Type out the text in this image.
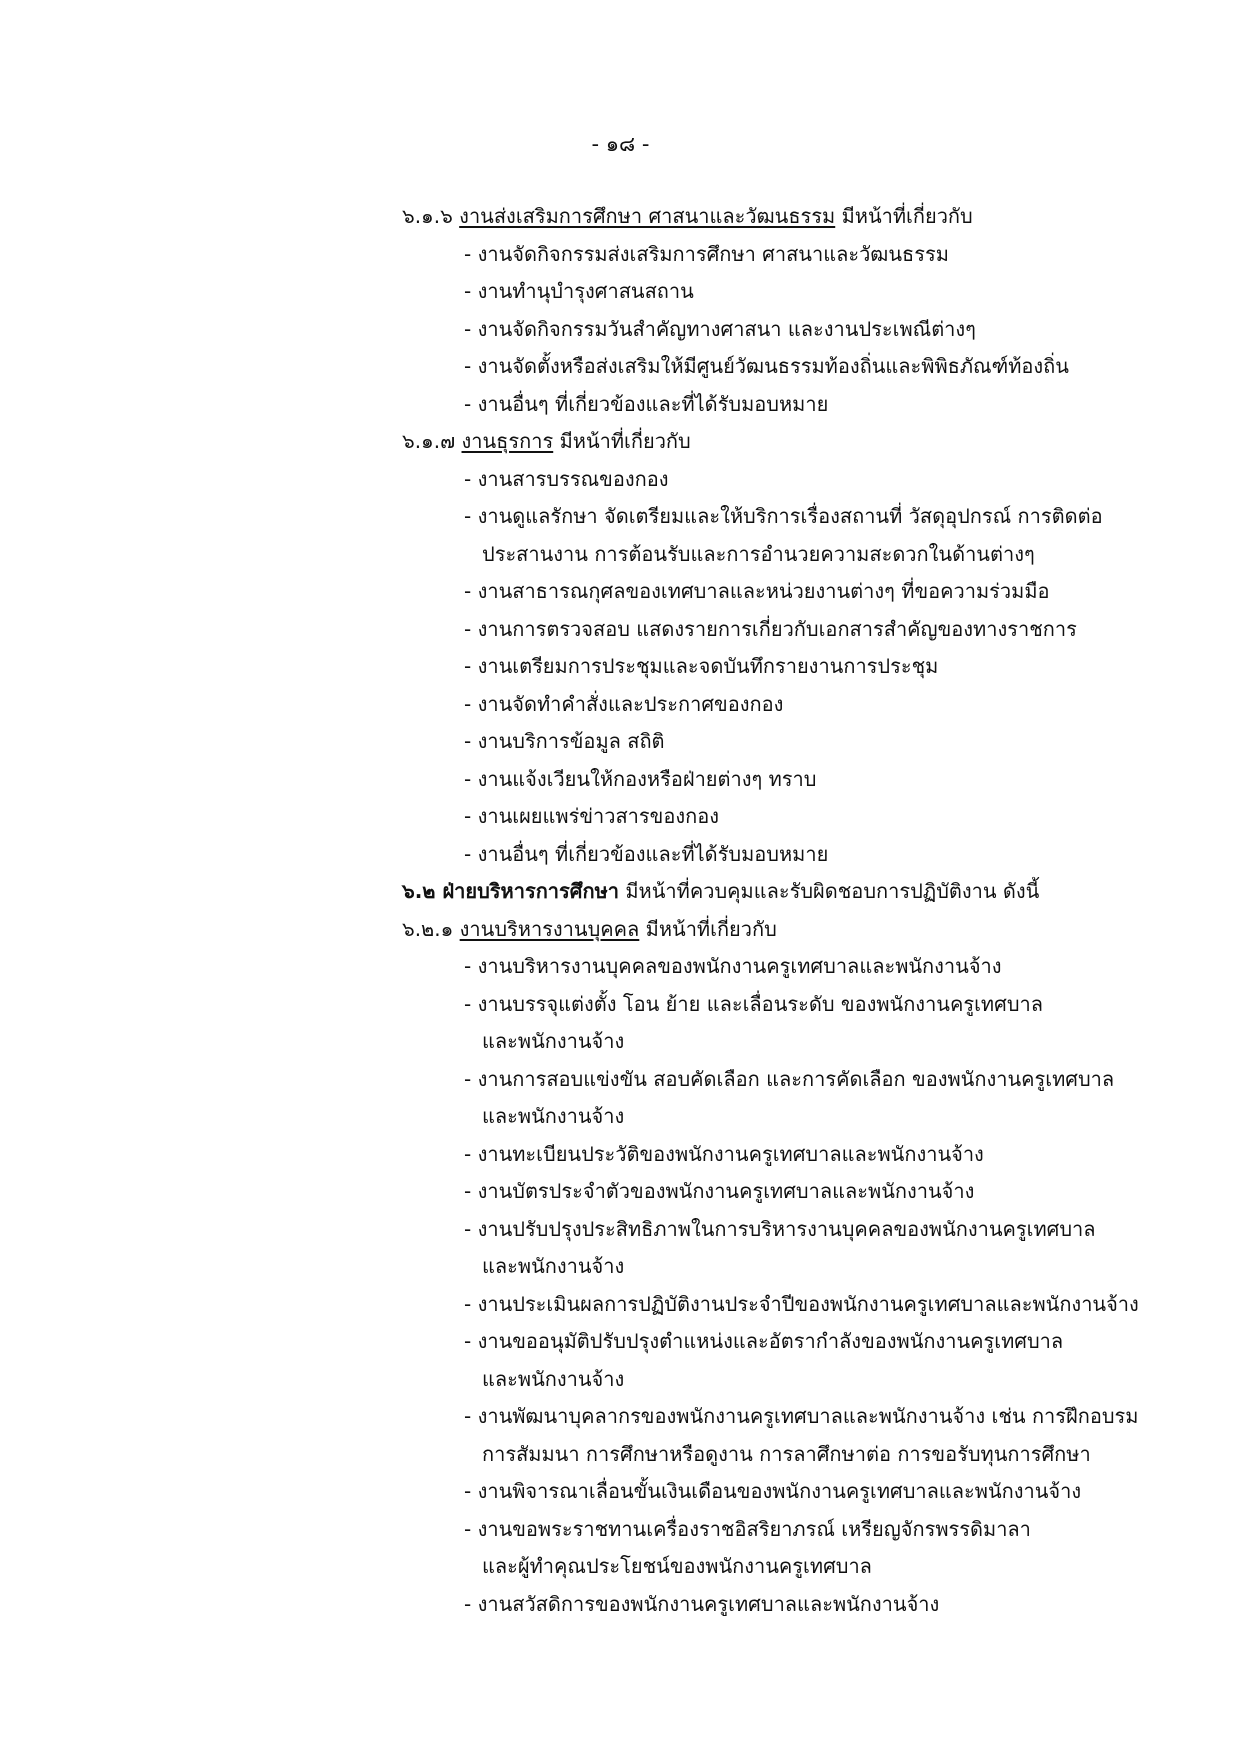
- ๑๘ -
๖.๑.๖ งานส่งเสริมการศึกษา ศาสนาและวัฒนธรรม มีหน้าที่เกี่ยวกับ
- งานจัดกิจกรรมส่งเสริมการศึกษา ศาสนาและวัฒนธรรม
- งานทำนุบำรุงศาสนสถาน
- งานจัดกิจกรรมวันสำคัญทางศาสนา และงานประเพณีต่างๆ
- งานจัดตั้งหรือส่งเสริมให้มีศูนย์วัฒนธรรมท้องถิ่นและพิพิธภัณฑ์ท้องถิ่น
- งานอื่นๆ ที่เกี่ยวข้องและที่ได้รับมอบหมาย
๖.๑.๗ งานธุรการ มีหน้าที่เกี่ยวกับ
- งานสารบรรณของกอง
- งานดูแลรักษา จัดเตรียมและให้บริการเรื่องสถานที่ วัสดุอุปกรณ์ การติดต่อ
ประสานงาน การต้อนรับและการอำนวยความสะดวกในด้านต่างๆ
- งานสาธารณกุศลของเทศบาลและหน่วยงานต่างๆ ที่ขอความร่วมมือ
- งานการตรวจสอบ แสดงรายการเกี่ยวกับเอกสารสำคัญของทางราชการ
- งานเตรียมการประชุมและจดบันทึกรายงานการประชุม
- งานจัดทำคำสั่งและประกาศของกอง
- งานบริการข้อมูล สถิติ
- งานแจ้งเวียนให้กองหรือฝ่ายต่างๆ ทราบ
- งานเผยแพร่ข่าวสารของกอง
- งานอื่นๆ ที่เกี่ยวข้องและที่ได้รับมอบหมาย
๖.๒ ฝ่ายบริหารการศึกษา มีหน้าที่ควบคุมและรับผิดชอบการปฏิบัติงาน ดังนี้
๖.๒.๑ งานบริหารงานบุคคล มีหน้าที่เกี่ยวกับ
- งานบริหารงานบุคคลของพนักงานครูเทศบาลและพนักงานจ้าง
- งานบรรจุแต่งตั้ง โอน ย้าย และเลื่อนระดับ ของพนักงานครูเทศบาล
และพนักงานจ้าง
- งานการสอบแข่งขัน สอบคัดเลือก และการคัดเลือก ของพนักงานครูเทศบาล
และพนักงานจ้าง
- งานทะเบียนประวัติของพนักงานครูเทศบาลและพนักงานจ้าง
- งานบัตรประจำตัวของพนักงานครูเทศบาลและพนักงานจ้าง
- งานปรับปรุงประสิทธิภาพในการบริหารงานบุคคลของพนักงานครูเทศบาล
และพนักงานจ้าง
- งานประเมินผลการปฏิบัติงานประจำปีของพนักงานครูเทศบาลและพนักงานจ้าง
- งานขออนุมัติปรับปรุงตำแหน่งและอัตรากำลังของพนักงานครูเทศบาล
และพนักงานจ้าง
- งานพัฒนาบุคลากรของพนักงานครูเทศบาลและพนักงานจ้าง เช่น การฝึกอบรม
การสัมมนา การศึกษาหรือดูงาน การลาศึกษาต่อ การขอรับทุนการศึกษา
- งานพิจารณาเลื่อนขั้นเงินเดือนของพนักงานครูเทศบาลและพนักงานจ้าง
- งานขอพระราชทานเครื่องราชอิสริยาภรณ์ เหรียญจักรพรรดิมาลา
และผู้ทำคุณประโยชน์ของพนักงานครูเทศบาล
- งานสวัสดิการของพนักงานครูเทศบาลและพนักงานจ้าง
